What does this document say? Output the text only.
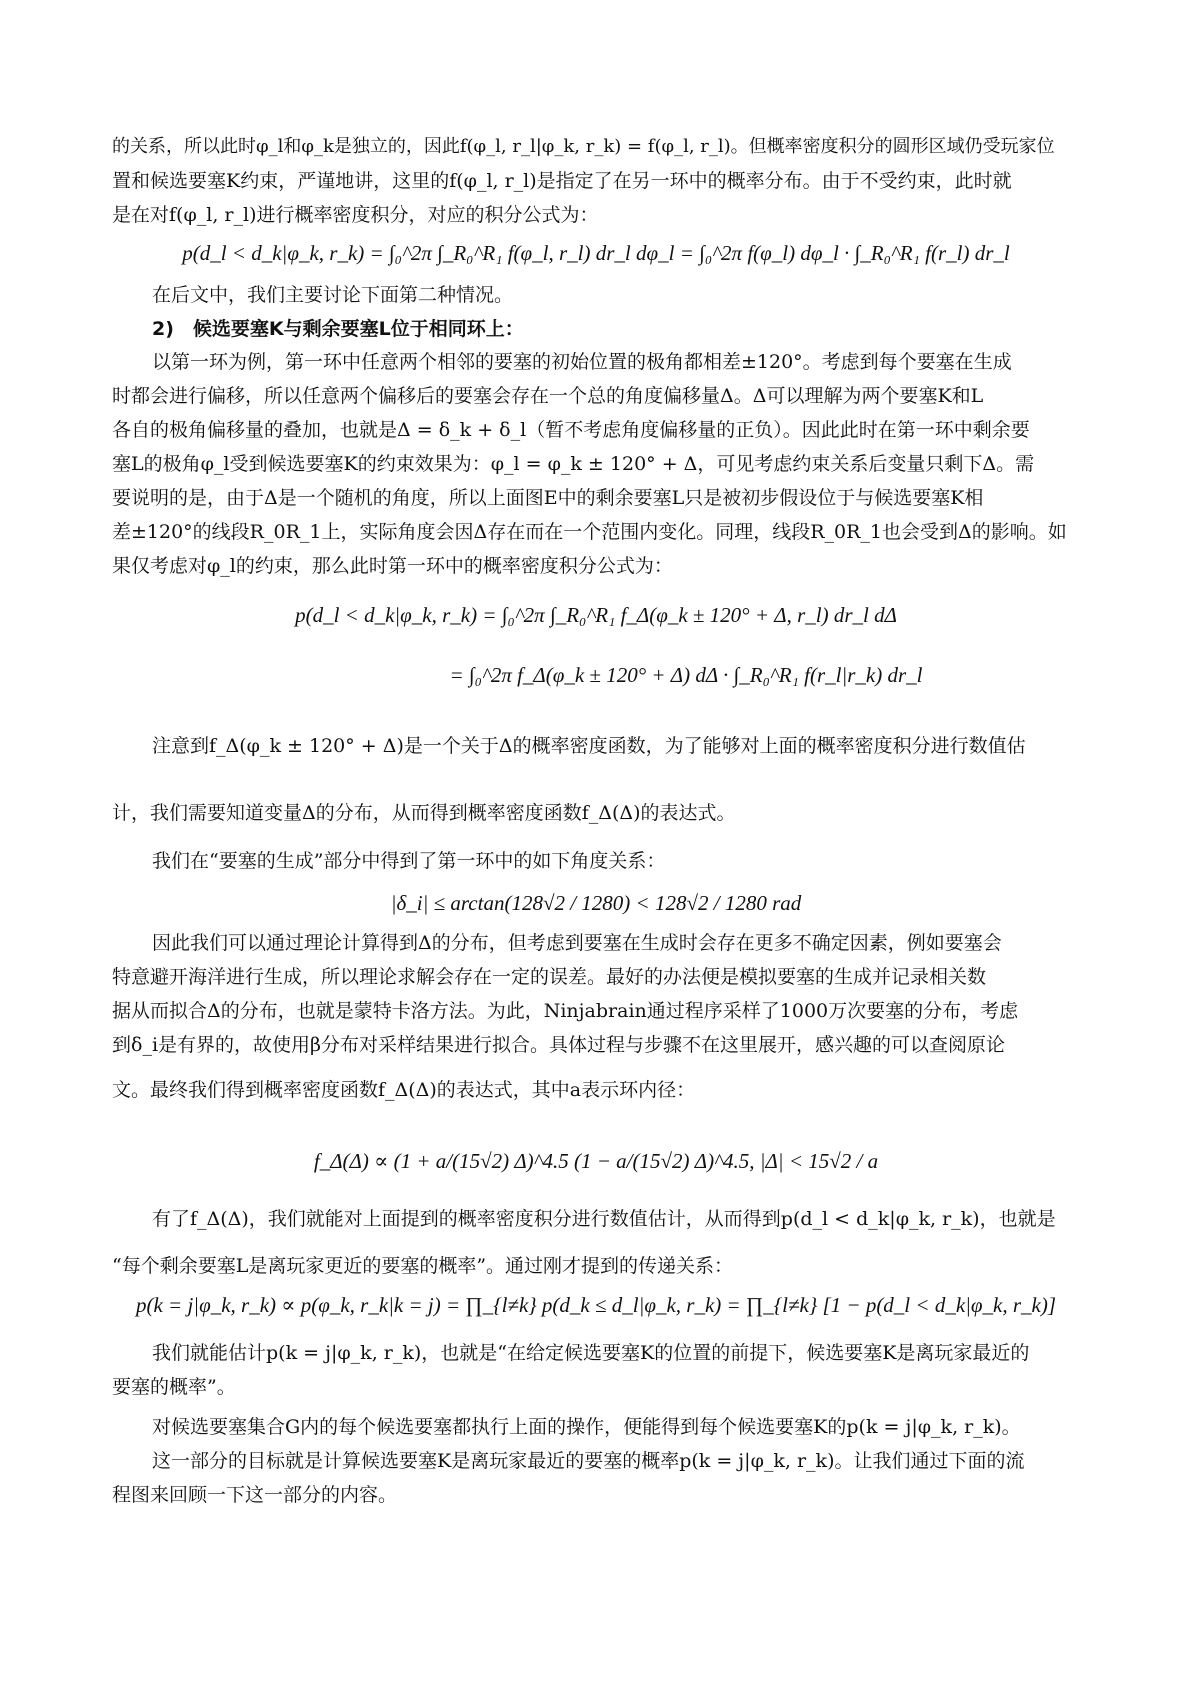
的关系，所以此时φ_l和φ_k是独立的，因此f(φ_l, r_l|φ_k, r_k) = f(φ_l, r_l)。但概率密度积分的圆形区域仍受玩家位
置和候选要塞K约束，严谨地讲，这里的f(φ_l, r_l)是指定了在另一环中的概率分布。由于不受约束，此时就
是在对f(φ_l, r_l)进行概率密度积分，对应的积分公式为：
p(d_l < d_k|φ_k, r_k) = ∫₀^2π ∫_R₀^R₁ f(φ_l, r_l) dr_l dφ_l = ∫₀^2π f(φ_l) dφ_l · ∫_R₀^R₁ f(r_l) dr_l
在后文中，我们主要讨论下面第二种情况。
2)　候选要塞K与剩余要塞L位于相同环上：
以第一环为例，第一环中任意两个相邻的要塞的初始位置的极角都相差±120°。考虑到每个要塞在生成
时都会进行偏移，所以任意两个偏移后的要塞会存在一个总的角度偏移量Δ。Δ可以理解为两个要塞K和L
各自的极角偏移量的叠加，也就是Δ = δ_k + δ_l（暂不考虑角度偏移量的正负）。因此此时在第一环中剩余要
塞L的极角φ_l受到候选要塞K的约束效果为：φ_l = φ_k ± 120° + Δ，可见考虑约束关系后变量只剩下Δ。需
要说明的是，由于Δ是一个随机的角度，所以上面图E中的剩余要塞L只是被初步假设位于与候选要塞K相
差±120°的线段R_0R_1上，实际角度会因Δ存在而在一个范围内变化。同理，线段R_0R_1也会受到Δ的影响。如
果仅考虑对φ_l的约束，那么此时第一环中的概率密度积分公式为：
p(d_l < d_k|φ_k, r_k) = ∫₀^2π ∫_R₀^R₁ f_Δ(φ_k ± 120° + Δ, r_l) dr_l dΔ
= ∫₀^2π f_Δ(φ_k ± 120° + Δ) dΔ · ∫_R₀^R₁ f(r_l|r_k) dr_l
注意到f_Δ(φ_k ± 120° + Δ)是一个关于Δ的概率密度函数，为了能够对上面的概率密度积分进行数值估
计，我们需要知道变量Δ的分布，从而得到概率密度函数f_Δ(Δ)的表达式。
我们在“要塞的生成”部分中得到了第一环中的如下角度关系：
|δ_i| ≤ arctan(128√2 / 1280) < 128√2 / 1280 rad
因此我们可以通过理论计算得到Δ的分布，但考虑到要塞在生成时会存在更多不确定因素，例如要塞会
特意避开海洋进行生成，所以理论求解会存在一定的误差。最好的办法便是模拟要塞的生成并记录相关数
据从而拟合Δ的分布，也就是蒙特卡洛方法。为此，Ninjabrain通过程序采样了1000万次要塞的分布，考虑
到δ_i是有界的，故使用β分布对采样结果进行拟合。具体过程与步骤不在这里展开，感兴趣的可以查阅原论
文。最终我们得到概率密度函数f_Δ(Δ)的表达式，其中a表示环内径：
f_Δ(Δ) ∝ (1 + a/(15√2) Δ)^4.5 (1 − a/(15√2) Δ)^4.5, |Δ| < 15√2 / a
有了f_Δ(Δ)，我们就能对上面提到的概率密度积分进行数值估计，从而得到p(d_l < d_k|φ_k, r_k)，也就是
“每个剩余要塞L是离玩家更近的要塞的概率”。通过刚才提到的传递关系：
p(k = j|φ_k, r_k) ∝ p(φ_k, r_k|k = j) = ∏_{l≠k} p(d_k ≤ d_l|φ_k, r_k) = ∏_{l≠k} [1 − p(d_l < d_k|φ_k, r_k)]
我们就能估计p(k = j|φ_k, r_k)，也就是“在给定候选要塞K的位置的前提下，候选要塞K是离玩家最近的
要塞的概率”。
对候选要塞集合G内的每个候选要塞都执行上面的操作，便能得到每个候选要塞K的p(k = j|φ_k, r_k)。
这一部分的目标就是计算候选要塞K是离玩家最近的要塞的概率p(k = j|φ_k, r_k)。让我们通过下面的流
程图来回顾一下这一部分的内容。
